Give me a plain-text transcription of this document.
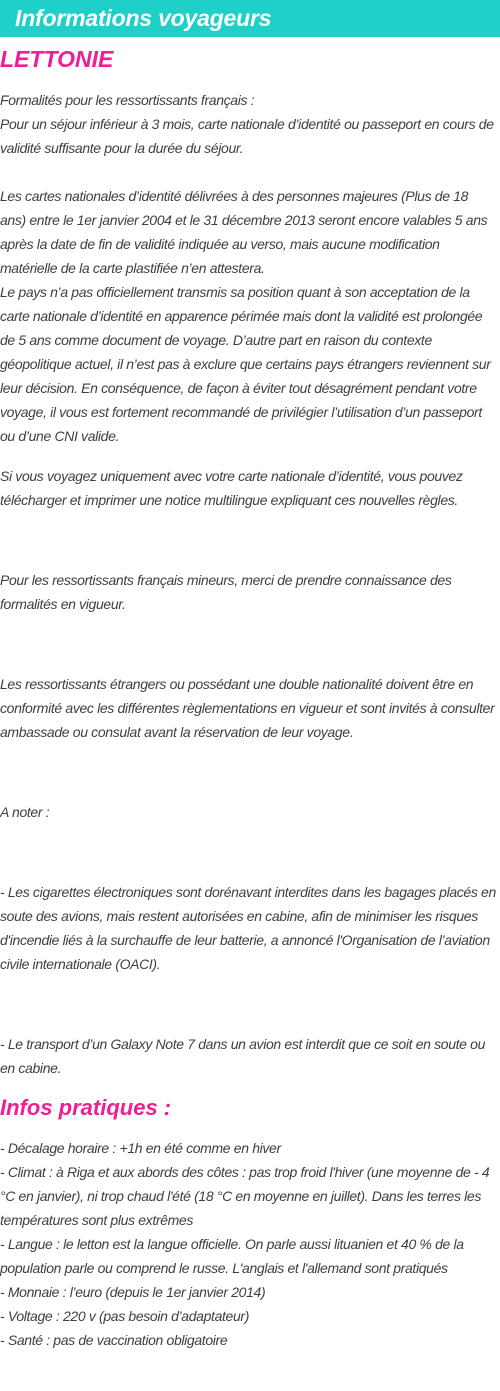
Informations voyageurs
LETTONIE

Formalités pour les ressortissants français :
Pour un séjour inférieur à 3 mois, carte nationale d’identité ou passeport en cours de validité suffisante pour la durée du séjour.

Les cartes nationales d’identité délivrées à des personnes majeures (Plus de 18 ans) entre le 1er janvier 2004 et le 31 décembre 2013 seront encore valables 5 ans après la date de fin de validité indiquée au verso, mais aucune modification matérielle de la carte plastifiée n’en attestera.
Le pays n’a pas officiellement transmis sa position quant à son acceptation de la carte nationale d’identité en apparence périmée mais dont la validité est prolongée de 5 ans comme document de voyage. D’autre part en raison du contexte géopolitique actuel, il n’est pas à exclure que certains pays étrangers reviennent sur leur décision. En conséquence, de façon à éviter tout désagrément pendant votre voyage, il vous est fortement recommandé de privilégier l’utilisation d’un passeport ou d’une CNI valide.

Si vous voyagez uniquement avec votre carte nationale d’identité, vous pouvez télécharger et imprimer une notice multilingue expliquant ces nouvelles règles.

Pour les ressortissants français mineurs, merci de prendre connaissance des formalités en vigueur.

Les ressortissants étrangers ou possédant une double nationalité doivent être en conformité avec les différentes règlementations en vigueur et sont invités à consulter ambassade ou consulat avant la réservation de leur voyage.

A noter :

- Les cigarettes électroniques sont dorénavant interdites dans les bagages placés en soute des avions, mais restent autorisées en cabine, afin de minimiser les risques d'incendie liés à la surchauffe de leur batterie, a annoncé l'Organisation de l’aviation civile internationale (OACI).

- Le transport d’un Galaxy Note 7 dans un avion est interdit que ce soit en soute ou en cabine.

Infos pratiques :

- Décalage horaire : +1h en été comme en hiver
- Climat : à Riga et aux abords des côtes : pas trop froid l'hiver (une moyenne de - 4 °C en janvier), ni trop chaud l'été (18 °C en moyenne en juillet). Dans les terres les températures sont plus extrêmes
- Langue : le letton est la langue officielle. On parle aussi lituanien et 40 % de la population parle ou comprend le russe. L'anglais et l'allemand sont pratiqués
- Monnaie : l’euro (depuis le 1er janvier 2014)
- Voltage : 220 v (pas besoin d’adaptateur)
- Santé : pas de vaccination obligatoire
